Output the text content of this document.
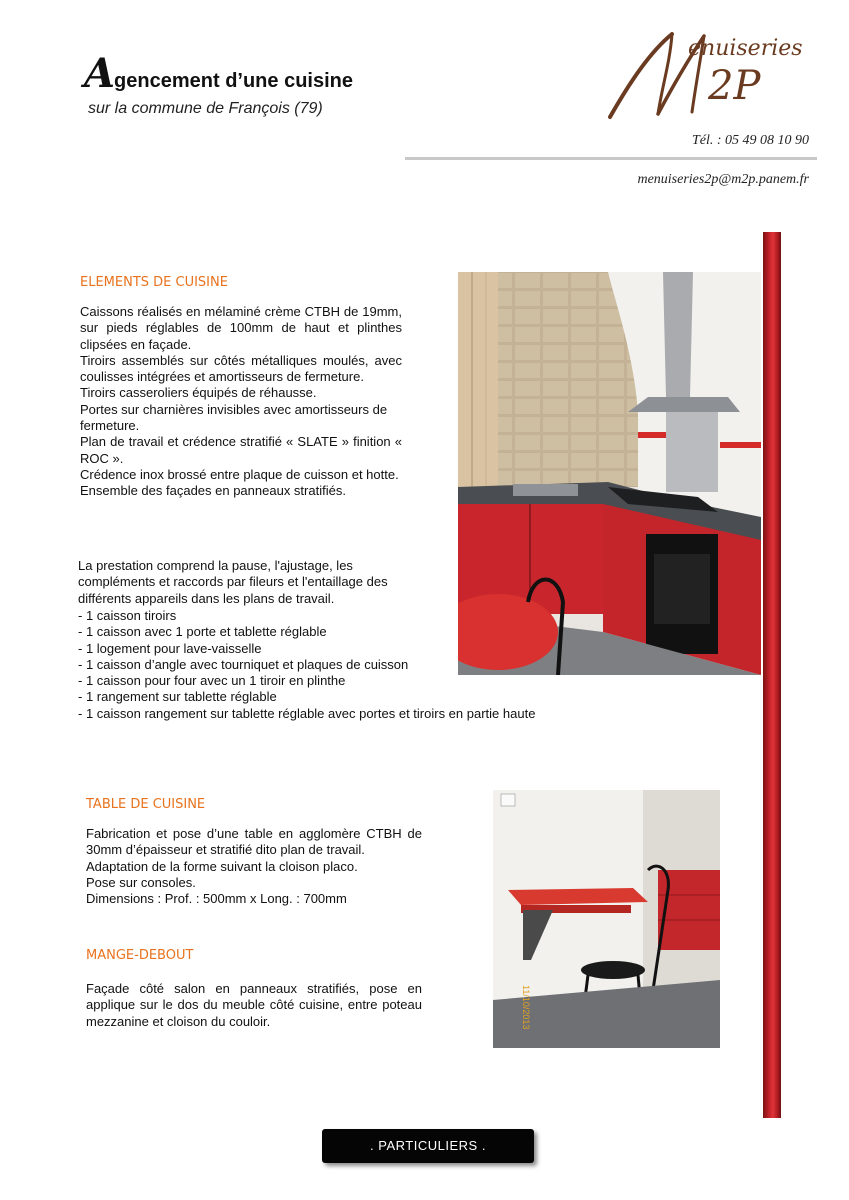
Agencement d’une cuisine
sur la commune de François (79)
enuiseries
2P
Tél. : 05 49 08 10 90
menuiseries2p@m2p.panem.fr
ELEMENTS DE CUISINE
Caissons réalisés en mélaminé crème CTBH de 19mm, sur pieds réglables de 100mm de haut et plinthes clipsées en façade.
Tiroirs assemblés sur côtés métalliques moulés, avec coulisses intégrées et amortisseurs de fermeture.
Tiroirs casseroliers équipés de réhausse.
Portes sur charnières invisibles avec amortisseurs de fermeture.
Plan de travail et crédence stratifié « SLATE » finition « ROC ».
Crédence inox brossé entre plaque de cuisson et hotte.
Ensemble des façades en panneaux stratifiés.
La prestation comprend la pause, l'ajustage, les compléments et raccords par fileurs et l'entaillage des différents appareils dans les plans de travail.
- 1 caisson tiroirs
- 1 caisson avec 1 porte et tablette réglable
- 1 logement pour lave-vaisselle
- 1 caisson d’angle avec tourniquet et plaques de cuisson
- 1 caisson pour four avec un 1 tiroir en plinthe
- 1 rangement sur tablette réglable
- 1 caisson rangement sur tablette réglable avec portes et tiroirs en partie haute
TABLE DE CUISINE
Fabrication et pose d’une table en agglomère CTBH de 30mm d’épaisseur et stratifié dito plan de travail.
Adaptation de la forme suivant la cloison placo.
Pose sur consoles.
Dimensions : Prof. : 500mm x Long. : 700mm
MANGE-DEBOUT
Façade côté salon en panneaux stratifiés, pose en applique sur le dos du meuble côté cuisine, entre poteau mezzanine et cloison du couloir.	11/10/2013
. PARTICULIERS .
